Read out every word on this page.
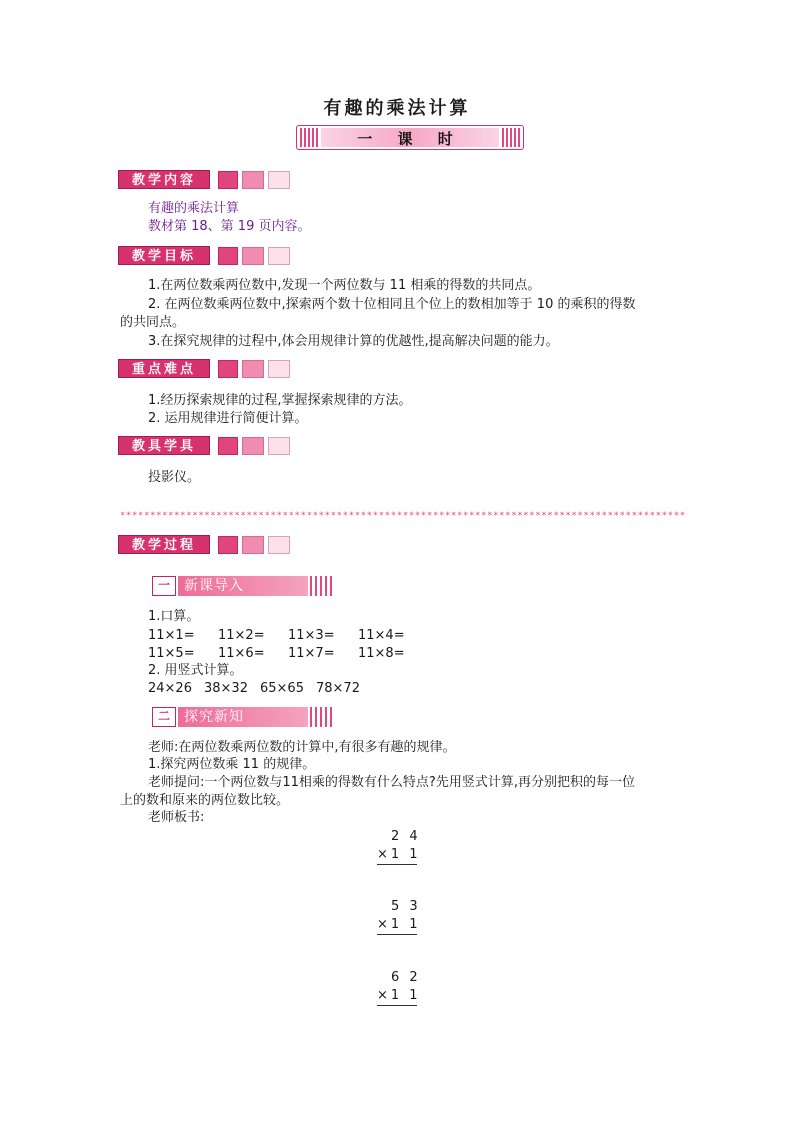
有趣的乘法计算
一 课 时
教学内容
有趣的乘法计算
教材第 18、第 19 页内容。
教学目标
1.在两位数乘两位数中,发现一个两位数与 11 相乘的得数的共同点。
2. 在两位数乘两位数中,探索两个数十位相同且个位上的数相加等于 10 的乘积的得数
的共同点。
3.在探究规律的过程中,体会用规律计算的优越性,提高解决问题的能力。
重点难点
1.经历探索规律的过程,掌握探索规律的方法。
2. 运用规律进行简便计算。
教具学具
投影仪。
**********************************************************************************************
教学过程
一	新课导入
1.口算。
11×1= 11×2= 11×3= 11×4=
11×5= 11×6= 11×7= 11×8=
2. 用竖式计算。
24×26 38×32 65×65 78×72
二	探究新知
老师:在两位数乘两位数的计算中,有很多有趣的规律。
1.探究两位数乘 11 的规律。
老师提问:一个两位数与11相乘的得数有什么特点?先用竖式计算,再分别把积的每一位
上的数和原来的两位数比较。
老师板书:
2 4
×1 1
5 3
×1 1
6 2
×1 1
